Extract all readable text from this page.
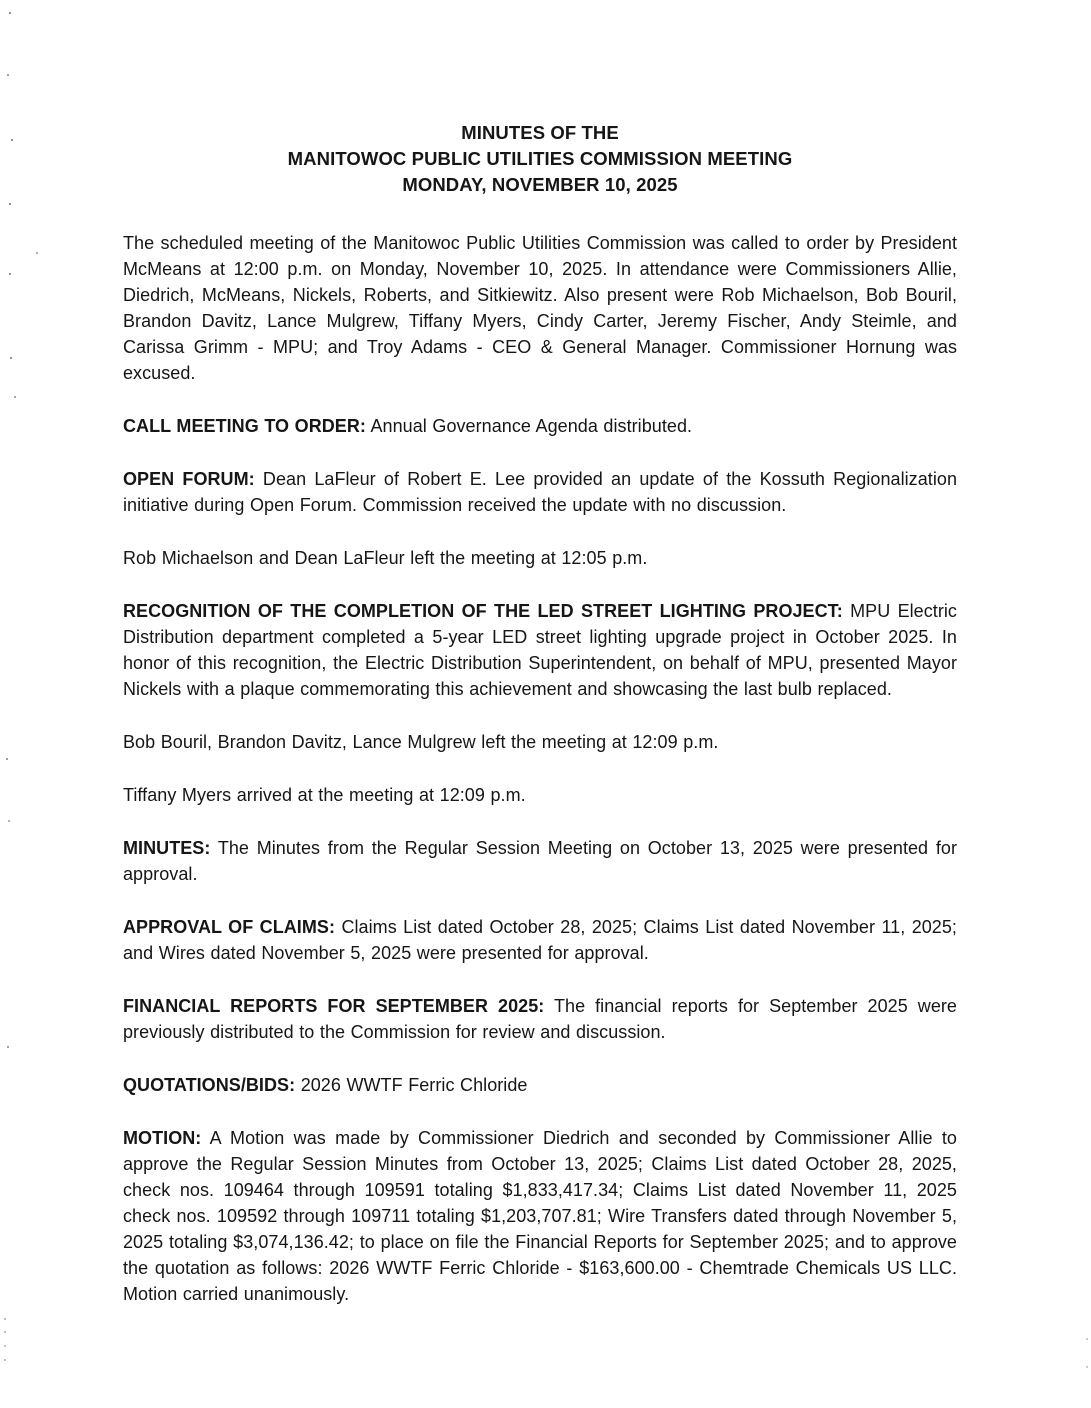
MINUTES OF THE
MANITOWOC PUBLIC UTILITIES COMMISSION MEETING
MONDAY, NOVEMBER 10, 2025

The scheduled meeting of the Manitowoc Public Utilities Commission was called to order by President McMeans at 12:00 p.m. on Monday, November 10, 2025. In attendance were Commissioners Allie, Diedrich, McMeans, Nickels, Roberts, and Sitkiewitz. Also present were Rob Michaelson, Bob Bouril, Brandon Davitz, Lance Mulgrew, Tiffany Myers, Cindy Carter, Jeremy Fischer, Andy Steimle, and Carissa Grimm - MPU; and Troy Adams - CEO & General Manager. Commissioner Hornung was excused.

CALL MEETING TO ORDER: Annual Governance Agenda distributed.

OPEN FORUM: Dean LaFleur of Robert E. Lee provided an update of the Kossuth Regionalization initiative during Open Forum. Commission received the update with no discussion.

Rob Michaelson and Dean LaFleur left the meeting at 12:05 p.m.

RECOGNITION OF THE COMPLETION OF THE LED STREET LIGHTING PROJECT: MPU Electric Distribution department completed a 5-year LED street lighting upgrade project in October 2025. In honor of this recognition, the Electric Distribution Superintendent, on behalf of MPU, presented Mayor Nickels with a plaque commemorating this achievement and showcasing the last bulb replaced.

Bob Bouril, Brandon Davitz, Lance Mulgrew left the meeting at 12:09 p.m.

Tiffany Myers arrived at the meeting at 12:09 p.m.

MINUTES: The Minutes from the Regular Session Meeting on October 13, 2025 were presented for approval.

APPROVAL OF CLAIMS: Claims List dated October 28, 2025; Claims List dated November 11, 2025; and Wires dated November 5, 2025 were presented for approval.

FINANCIAL REPORTS FOR SEPTEMBER 2025: The financial reports for September 2025 were previously distributed to the Commission for review and discussion.

QUOTATIONS/BIDS: 2026 WWTF Ferric Chloride

MOTION: A Motion was made by Commissioner Diedrich and seconded by Commissioner Allie to approve the Regular Session Minutes from October 13, 2025; Claims List dated October 28, 2025, check nos. 109464 through 109591 totaling $1,833,417.34; Claims List dated November 11, 2025 check nos. 109592 through 109711 totaling $1,203,707.81; Wire Transfers dated through November 5, 2025 totaling $3,074,136.42; to place on file the Financial Reports for September 2025; and to approve the quotation as follows: 2026 WWTF Ferric Chloride - $163,600.00 - Chemtrade Chemicals US LLC. Motion carried unanimously.
